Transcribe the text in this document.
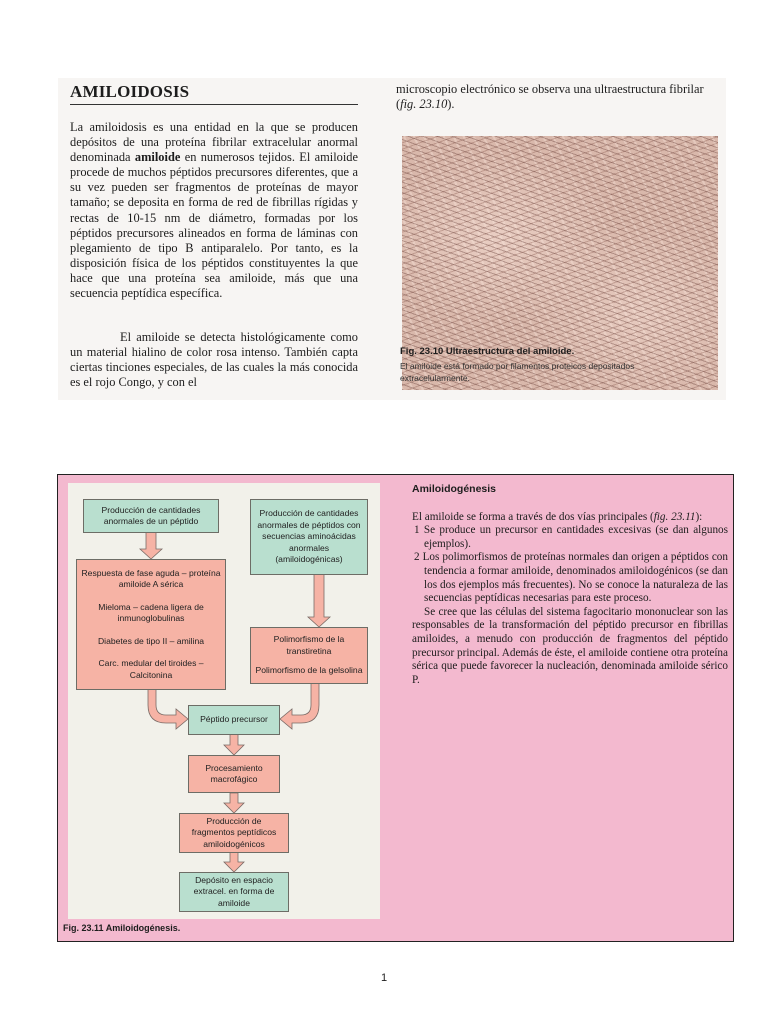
AMILOIDOSIS

La amiloidosis es una entidad en la que se producen depósitos de una proteína fibrilar extracelular anormal denominada amiloide en numerosos tejidos. El amiloide procede de muchos péptidos precursores diferentes, que a su vez pueden ser fragmentos de proteínas de mayor tamaño; se deposita en forma de red de fibrillas rígidas y rectas de 10-15 nm de diámetro, formadas por los péptidos precursores alineados en forma de láminas con plegamiento de tipo B antiparalelo. Por tanto, es la disposición física de los péptidos constituyentes la que hace que una proteína sea amiloide, más que una secuencia peptídica específica.

El amiloide se detecta histológicamente como un material hialino de color rosa intenso. También capta ciertas tinciones especiales, de las cuales la más conocida es el rojo Congo, y con el

microscopio electrónico se observa una ultraestructura fibrilar (fig. 23.10).

Fig. 23.10 Ultraestructura del amiloide.
El amiloide está formado por filamentos proteicos depositados extracelularmente.
Producción de cantidades anormales de un péptido
Producción de cantidades anormales de péptidos con secuencias aminoácidas anormales (amiloidogénicas)
Respuesta de fase aguda – proteína amiloide A sérica
Mieloma – cadena ligera de inmunoglobulinas
Diabetes de tipo II – amilina
Carc. medular del tiroides – Calcitonina
Polimorfismo de la transtiretina
Polimorfismo de la gelsolina
Péptido precursor
Procesamiento macrofágico
Producción de fragmentos peptídicos amiloidogénicos
Depósito en espacio extracel. en forma de amiloide
Fig. 23.11 Amiloidogénesis.
Amiloidogénesis

El amiloide se forma a través de dos vías principales (fig. 23.11):

1 Se produce un precursor en cantidades excesivas (se dan algunos ejemplos).

2 Los polimorfismos de proteínas normales dan origen a péptidos con tendencia a formar amiloide, denominados amiloidogénicos (se dan los dos ejemplos más frecuentes). No se conoce la naturaleza de las secuencias peptídicas necesarias para este proceso.

Se cree que las células del sistema fagocitario mononuclear son las responsables de la transformación del péptido precursor en fibrillas amiloides, a menudo con producción de fragmentos del péptido precursor principal. Además de éste, el amiloide contiene otra proteína sérica que puede favorecer la nucleación, denominada amiloide sérico P.

1
